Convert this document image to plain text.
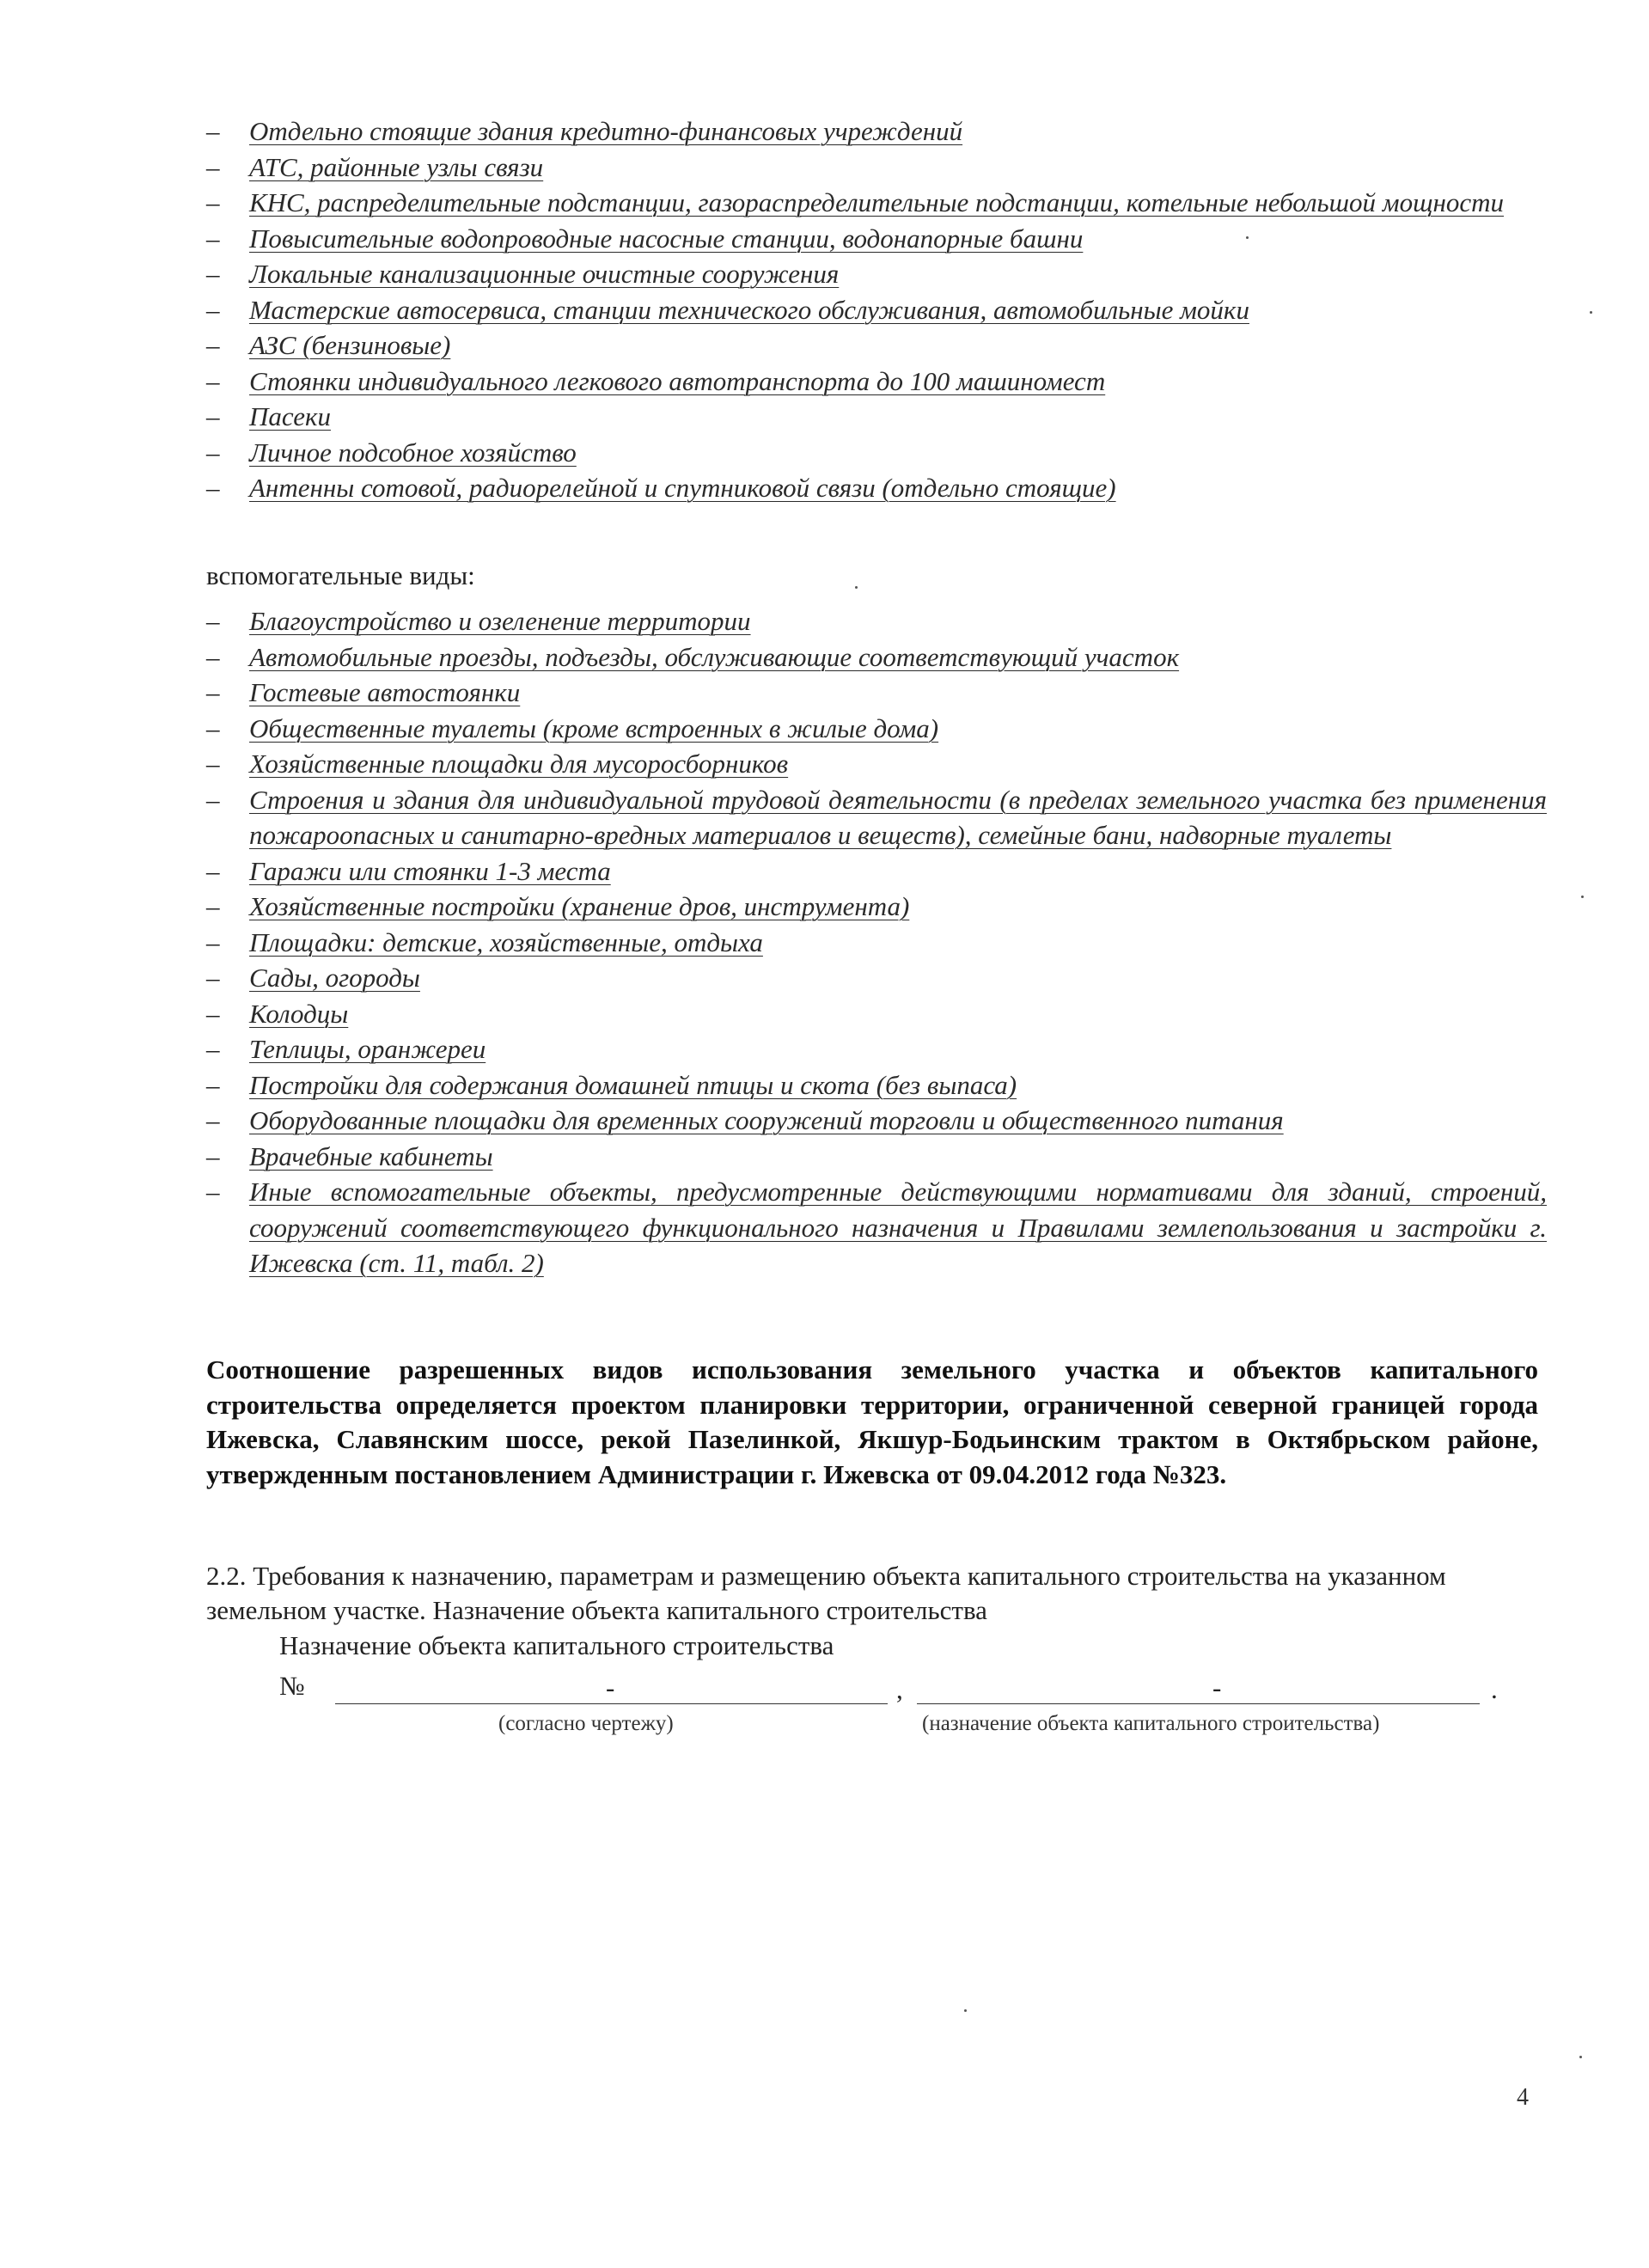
– Отдельно стоящие здания кредитно-финансовых учреждений
– АТС, районные узлы связи
– КНС, распределительные подстанции, газораспределительные подстанции, котельные небольшой мощности
– Повысительные водопроводные насосные станции, водонапорные башни
– Локальные канализационные очистные сооружения
– Мастерские автосервиса, станции технического обслуживания, автомобильные мойки
– АЗС (бензиновые)
– Стоянки индивидуального легкового автотранспорта до 100 машиномест
– Пасеки
– Личное подсобное хозяйство
– Антенны сотовой, радиорелейной и спутниковой связи (отдельно стоящие)
вспомогательные виды:
– Благоустройство и озеленение территории
– Автомобильные проезды, подъезды, обслуживающие соответствующий участок
– Гостевые автостоянки
– Общественные туалеты (кроме встроенных в жилые дома)
– Хозяйственные площадки для мусоросборников
– Строения и здания для индивидуальной трудовой деятельности (в пределах земельного участка без применения пожароопасных и санитарно-вредных материалов и веществ), семейные бани, надворные туалеты
– Гаражи или стоянки 1-3 места
– Хозяйственные постройки (хранение дров, инструмента)
– Площадки: детские, хозяйственные, отдыха
– Сады, огороды
– Колодцы
– Теплицы, оранжереи
– Постройки для содержания домашней птицы и скота (без выпаса)
– Оборудованные площадки для временных сооружений торговли и общественного питания
– Врачебные кабинеты
– Иные вспомогательные объекты, предусмотренные действующими нормативами для зданий, строений, сооружений соответствующего функционального назначения и Правилами землепользования и застройки г. Ижевска (ст. 11, табл. 2)
Соотношение разрешенных видов использования земельного участка и объектов капитального строительства определяется проектом планировки территории, ограниченной северной границей города Ижевска, Славянским шоссе, рекой Пазелинкой, Якшур-Бодьинским трактом в Октябрьском районе, утвержденным постановлением Администрации г. Ижевска от 09.04.2012 года №323.
2.2. Требования к назначению, параметрам и размещению объекта капитального строительства на указанном земельном участке. Назначение объекта капитального строительства
Назначение объекта капитального строительства
№	-	,	-	.
(согласно чертежу)	(назначение объекта капитального строительства)
4
